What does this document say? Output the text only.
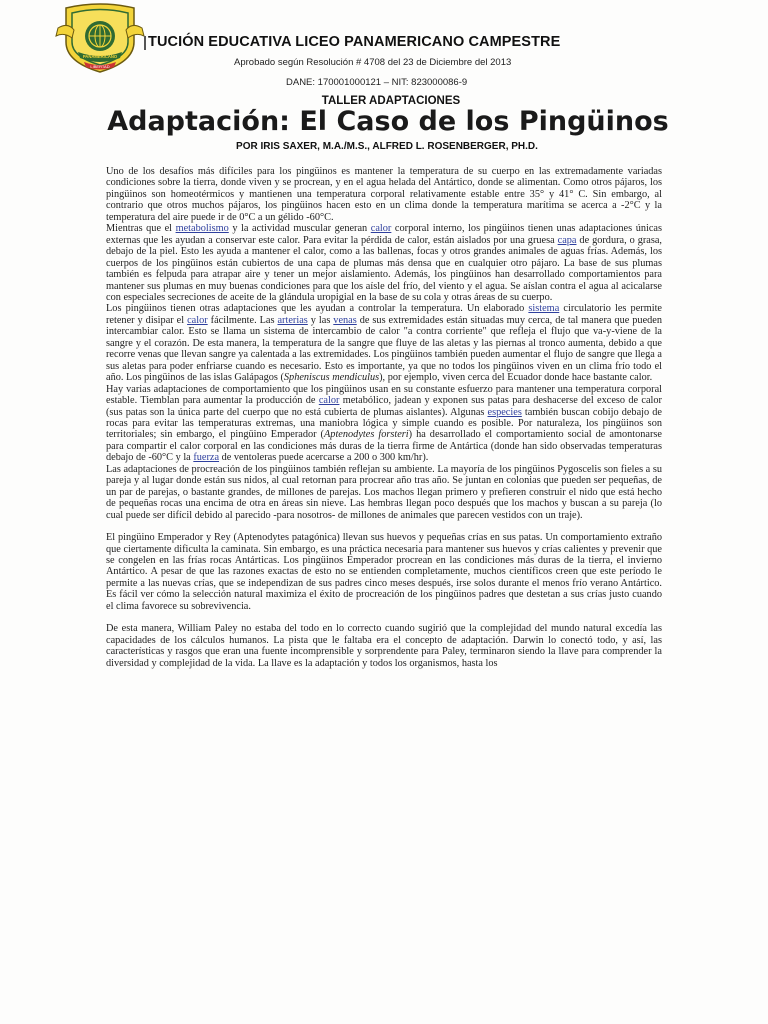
LIBERTAD
PANAMERICANO
TUCIÓN EDUCATIVA LICEO PANAMERICANO CAMPESTRE
Aprobado según Resolución # 4708 del 23 de Diciembre del 2013
DANE: 170001000121 – NIT: 823000086-9
TALLER ADAPTACIONES
Adaptación: El Caso de los Pingüinos
POR IRIS SAXER, M.A./M.S., ALFRED L. ROSENBERGER, PH.D.

Uno de los desafíos más difíciles para los pingüinos es mantener la temperatura de su cuerpo en las extremadamente variadas condiciones sobre la tierra, donde viven y se procrean, y en el agua helada del Antártico, donde se alimentan. Como otros pájaros, los pingüinos son homeotérmicos y mantienen una temperatura corporal relativamente estable entre 35° y 41° C. Sin embargo, al contrario que otros muchos pájaros, los pingüinos hacen esto en un clima donde la temperatura marítima se acerca a -2°C y la temperatura del aire puede ir de 0°C a un gélido -60°C.

Mientras que el metabolismo y la actividad muscular generan calor corporal interno, los pingüinos tienen unas adaptaciones únicas externas que les ayudan a conservar este calor. Para evitar la pérdida de calor, están aislados por una gruesa capa de gordura, o grasa, debajo de la piel. Esto les ayuda a mantener el calor, como a las ballenas, focas y otros grandes animales de aguas frías. Además, los cuerpos de los pingüinos están cubiertos de una capa de plumas más densa que en cualquier otro pájaro. La base de sus plumas también es felpuda para atrapar aire y tener un mejor aislamiento. Además, los pingüinos han desarrollado comportamientos para mantener sus plumas en muy buenas condiciones para que los aísle del frío, del viento y el agua. Se aíslan contra el agua al acicalarse con especiales secreciones de aceite de la glándula uropigial en la base de su cola y otras áreas de su cuerpo.

Los pingüinos tienen otras adaptaciones que les ayudan a controlar la temperatura. Un elaborado sistema circulatorio les permite retener y disipar el calor fácilmente. Las arterias y las venas de sus extremidades están situadas muy cerca, de tal manera que pueden intercambiar calor. Esto se llama un sistema de intercambio de calor "a contra corriente" que refleja el flujo que va-y-viene de la sangre y el corazón. De esta manera, la temperatura de la sangre que fluye de las aletas y las piernas al tronco aumenta, debido a que recorre venas que llevan sangre ya calentada a las extremidades. Los pingüinos también pueden aumentar el flujo de sangre que llega a sus aletas para poder enfriarse cuando es necesario. Esto es importante, ya que no todos los pingüinos viven en un clima frío todo el año. Los pingüinos de las islas Galápagos (Spheniscus mendiculus), por ejemplo, viven cerca del Ecuador donde hace bastante calor.

Hay varias adaptaciones de comportamiento que los pingüinos usan en su constante esfuerzo para mantener una temperatura corporal estable. Tiemblan para aumentar la producción de calor metabólico, jadean y exponen sus patas para deshacerse del exceso de calor (sus patas son la única parte del cuerpo que no está cubierta de plumas aislantes). Algunas especies también buscan cobijo debajo de rocas para evitar las temperaturas extremas, una maniobra lógica y simple cuando es posible. Por naturaleza, los pingüinos son territoriales; sin embargo, el pingüino Emperador (Aptenodytes forsteri) ha desarrollado el comportamiento social de amontonarse para compartir el calor corporal en las condiciones más duras de la tierra firme de Antártica (donde han sido observadas temperaturas debajo de -60°C y la fuerza de ventoleras puede acercarse a 200 o 300 km/hr).

Las adaptaciones de procreación de los pingüinos también reflejan su ambiente. La mayoría de los pingüinos Pygoscelis son fieles a su pareja y al lugar donde están sus nidos, al cual retornan para procrear año tras año. Se juntan en colonias que pueden ser pequeñas, de un par de parejas, o bastante grandes, de millones de parejas. Los machos llegan primero y prefieren construir el nido que está hecho de pequeñas rocas una encima de otra en áreas sin nieve. Las hembras llegan poco después que los machos y buscan a su pareja (lo cual puede ser difícil debido al parecido -para nosotros- de millones de animales que parecen vestidos con un traje).

El pingüino Emperador y Rey (Aptenodytes patagónica) llevan sus huevos y pequeñas crías en sus patas. Un comportamiento extraño que ciertamente dificulta la caminata. Sin embargo, es una práctica necesaria para mantener sus huevos y crías calientes y prevenir que se congelen en las frías rocas Antárticas. Los pingüinos Emperador procrean en las condiciones más duras de la tierra, el invierno Antártico. A pesar de que las razones exactas de esto no se entienden completamente, muchos científicos creen que este período le permite a las nuevas crías, que se independizan de sus padres cinco meses después, irse solos durante el menos frío verano Antártico. Es fácil ver cómo la selección natural maximiza el éxito de procreación de los pingüinos padres que destetan a sus crías justo cuando el clima favorece su sobrevivencia.

De esta manera, William Paley no estaba del todo en lo correcto cuando sugirió que la complejidad del mundo natural excedía las capacidades de los cálculos humanos. La pista que le faltaba era el concepto de adaptación. Darwin lo conectó todo, y así, las características y rasgos que eran una fuente incomprensible y sorprendente para Paley, terminaron siendo la llave para comprender la diversidad y complejidad de la vida. La llave es la adaptación y todos los organismos, hasta los
